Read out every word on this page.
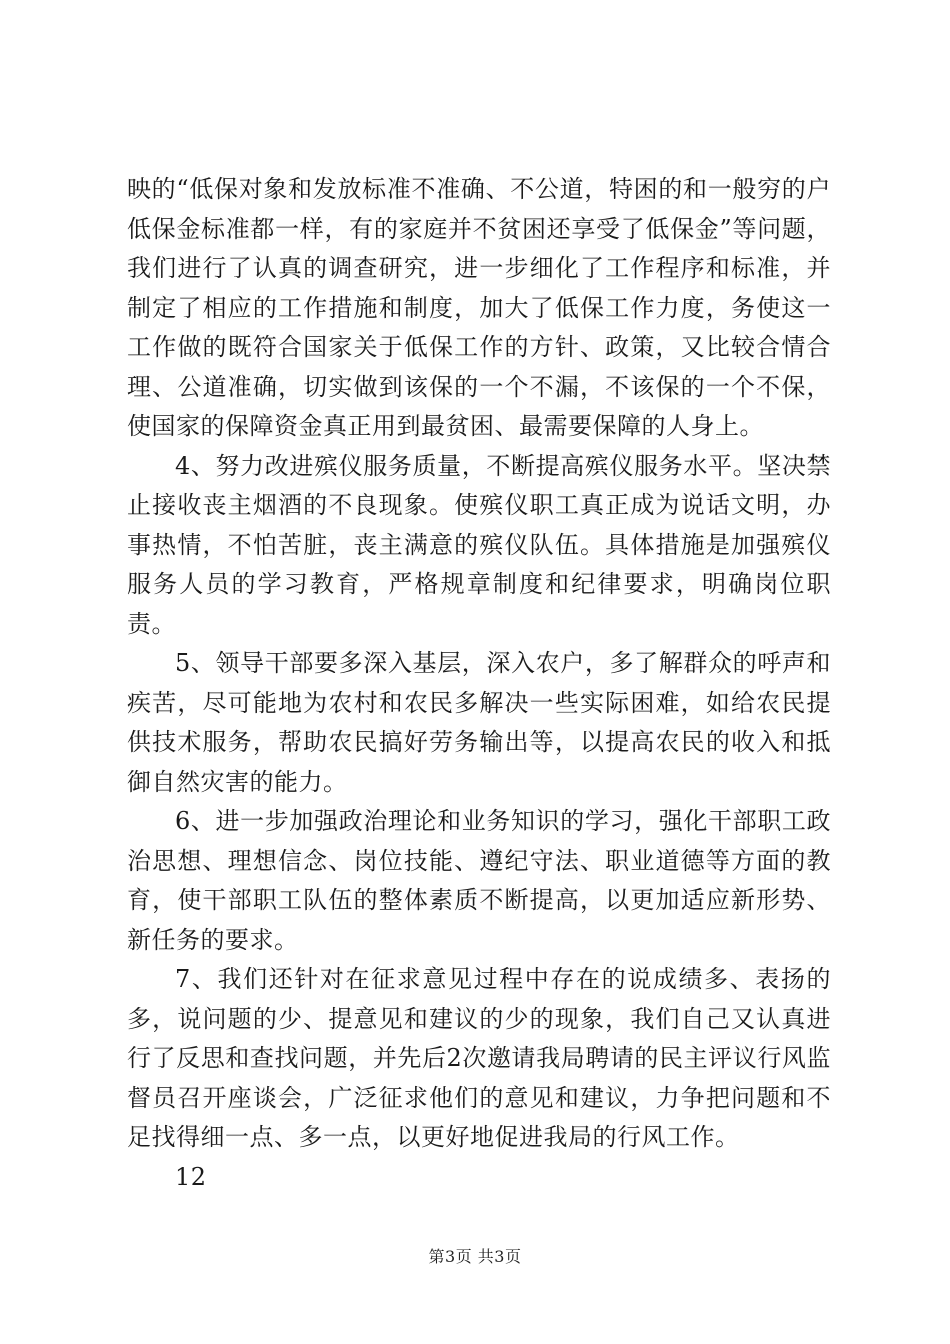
映的“低保对象和发放标准不准确、不公道，特困的和一般穷的户低保金标准都一样，有的家庭并不贫困还享受了低保金”等问题，我们进行了认真的调查研究，进一步细化了工作程序和标准，并制定了相应的工作措施和制度，加大了低保工作力度，务使这一工作做的既符合国家关于低保工作的方针、政策，又比较合情合理、公道准确，切实做到该保的一个不漏，不该保的一个不保，使国家的保障资金真正用到最贫困、最需要保障的人身上。

4、努力改进殡仪服务质量，不断提高殡仪服务水平。坚决禁止接收丧主烟酒的不良现象。使殡仪职工真正成为说话文明，办事热情，不怕苦脏，丧主满意的殡仪队伍。具体措施是加强殡仪服务人员的学习教育，严格规章制度和纪律要求，明确岗位职责。

5、领导干部要多深入基层，深入农户，多了解群众的呼声和疾苦，尽可能地为农村和农民多解决一些实际困难，如给农民提供技术服务，帮助农民搞好劳务输出等，以提高农民的收入和抵御自然灾害的能力。

6、进一步加强政治理论和业务知识的学习，强化干部职工政治思想、理想信念、岗位技能、遵纪守法、职业道德等方面的教育，使干部职工队伍的整体素质不断提高，以更加适应新形势、新任务的要求。

7、我们还针对在征求意见过程中存在的说成绩多、表扬的多，说问题的少、提意见和建议的少的现象，我们自己又认真进行了反思和查找问题，并先后2次邀请我局聘请的民主评议行风监督员召开座谈会，广泛征求他们的意见和建议，力争把问题和不足找得细一点、多一点，以更好地促进我局的行风工作。

12

第3页 共3页
